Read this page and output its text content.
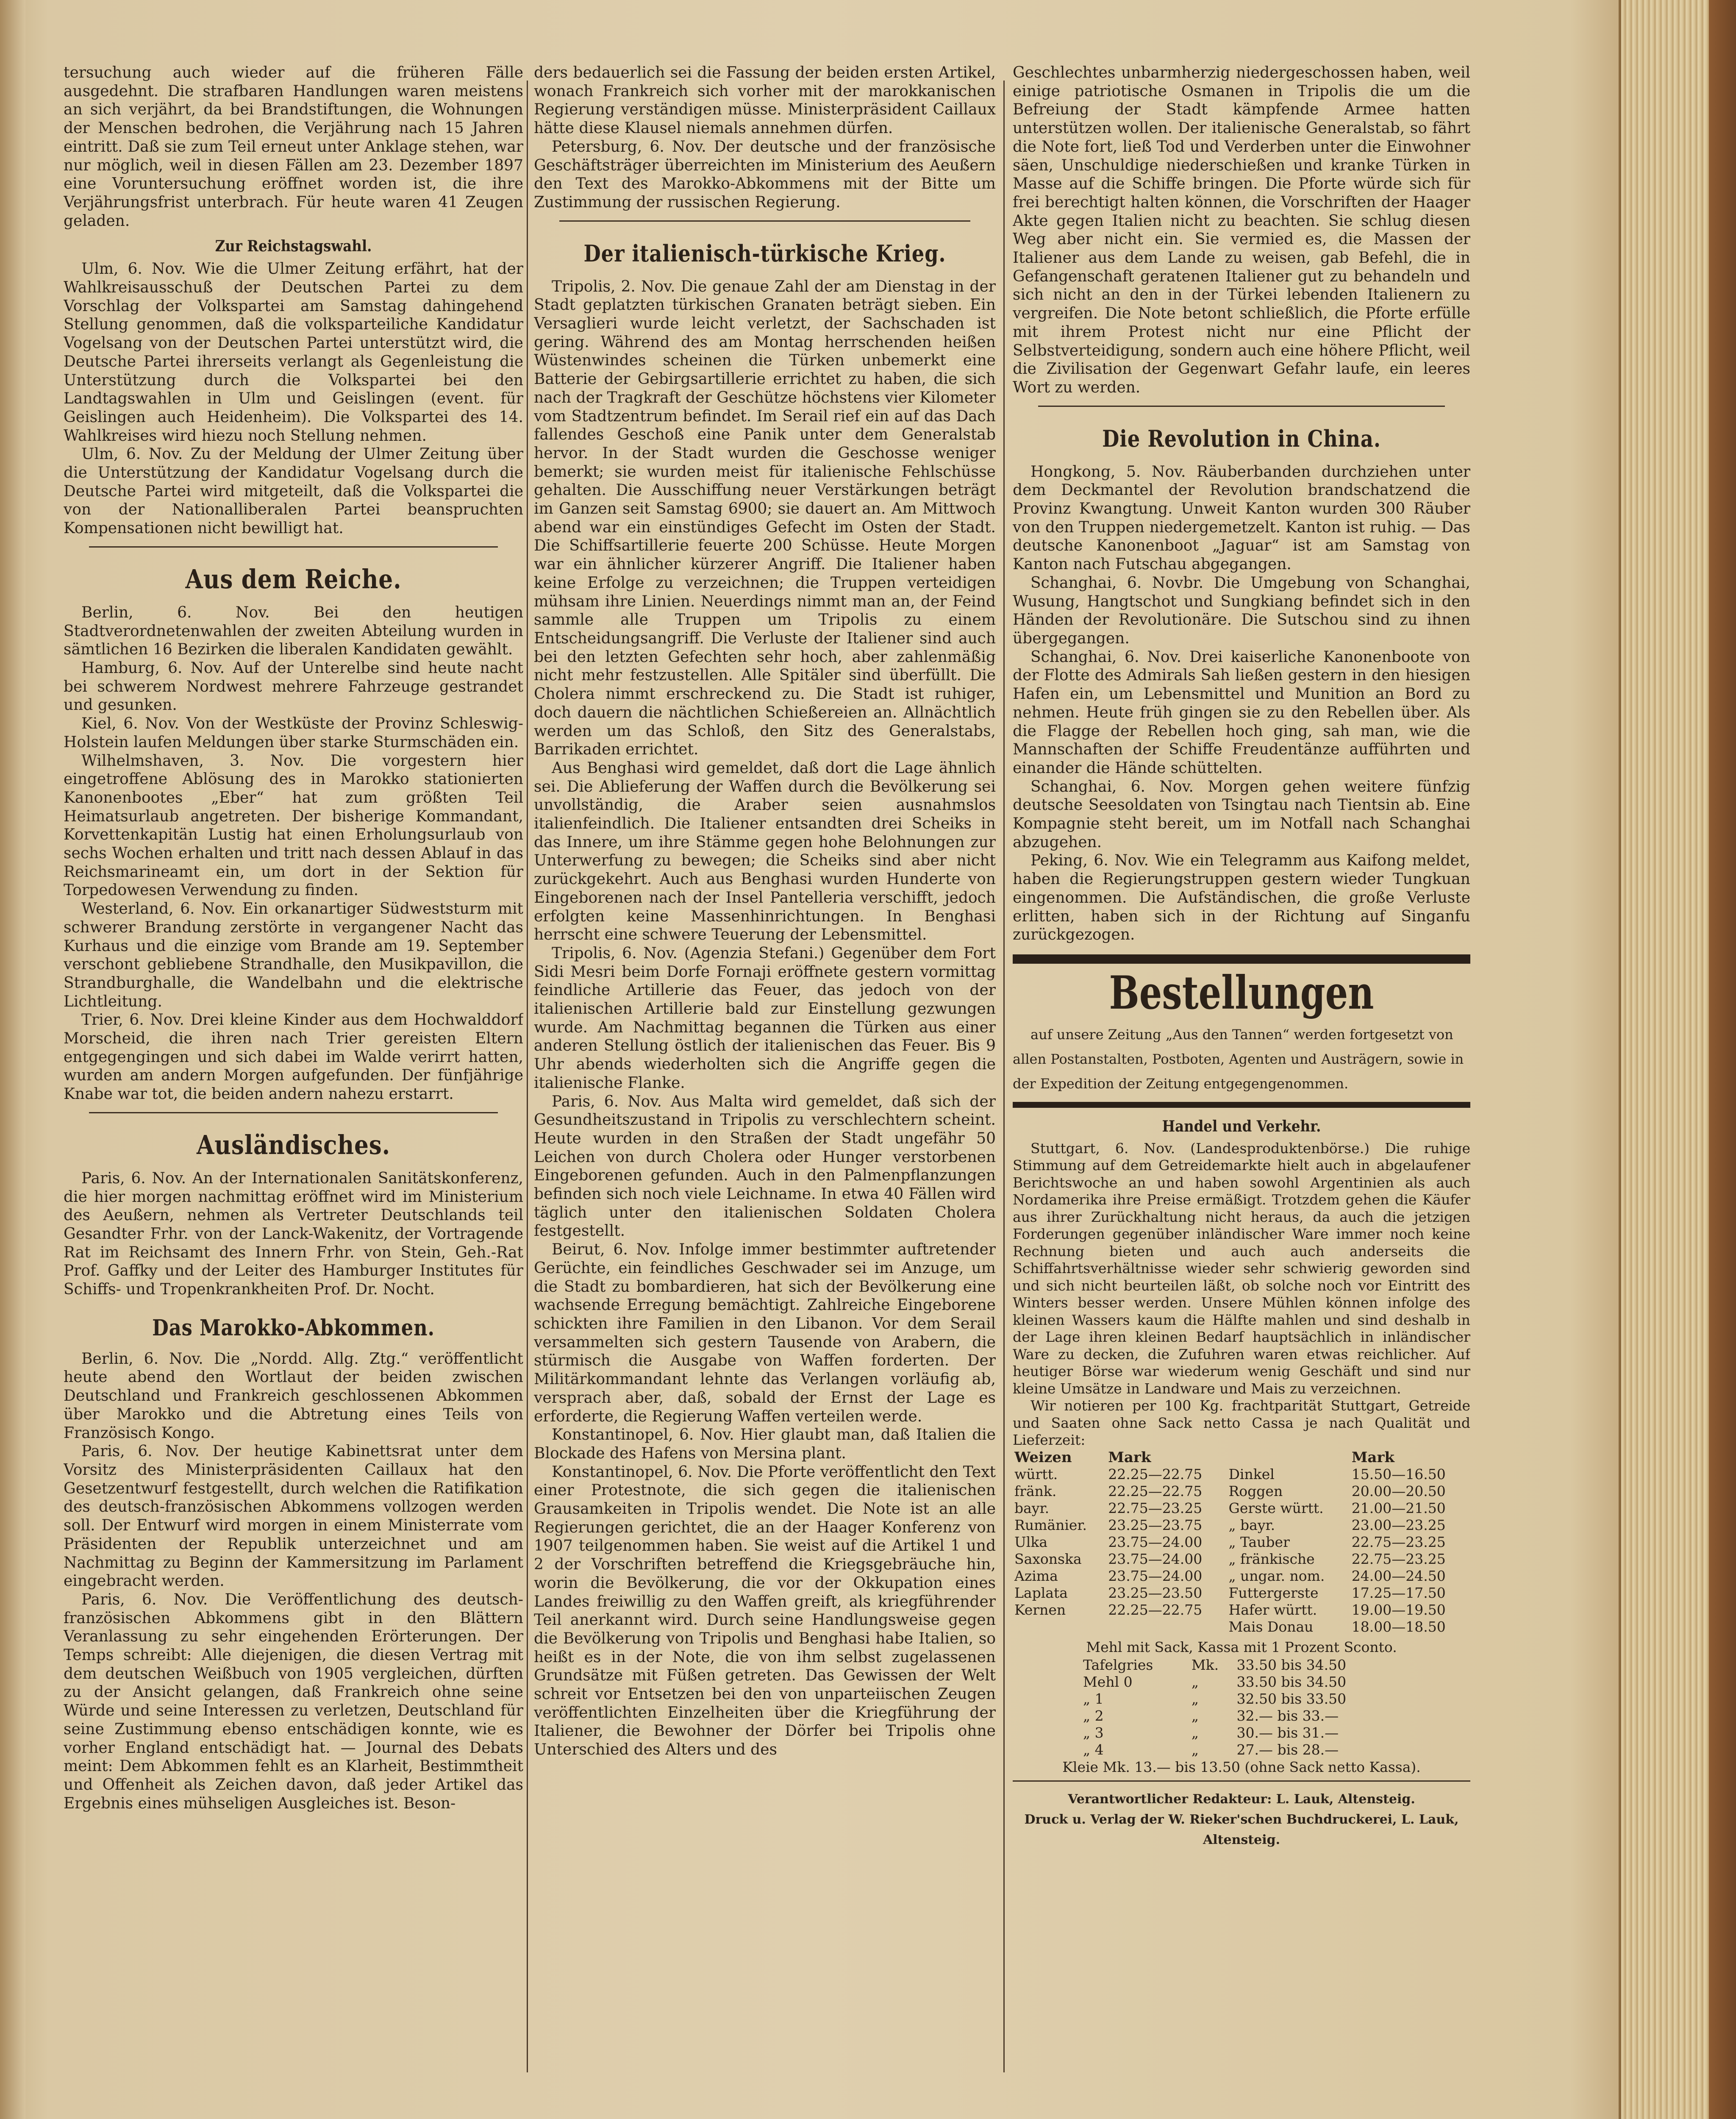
tersuchung auch wieder auf die früheren Fälle ausgedehnt. Die strafbaren Handlungen waren meistens an sich verjährt, da bei Brandstiftungen, die Wohnungen der Menschen bedrohen, die Verjährung nach 15 Jahren eintritt. Daß sie zum Teil erneut unter Anklage stehen, war nur möglich, weil in diesen Fällen am 23. Dezember 1897 eine Voruntersuchung eröffnet worden ist, die ihre Verjährungsfrist unterbrach. Für heute waren 41 Zeugen geladen.

Zur Reichstagswahl.

Ulm, 6. Nov. Wie die Ulmer Zeitung erfährt, hat der Wahlkreisausschuß der Deutschen Partei zu dem Vorschlag der Volkspartei am Samstag dahingehend Stellung genommen, daß die volksparteiliche Kandidatur Vogelsang von der Deutschen Partei unterstützt wird, die Deutsche Partei ihrerseits verlangt als Gegenleistung die Unterstützung durch die Volkspartei bei den Landtagswahlen in Ulm und Geislingen (event. für Geislingen auch Heidenheim). Die Volkspartei des 14. Wahlkreises wird hiezu noch Stellung nehmen.

Ulm, 6. Nov. Zu der Meldung der Ulmer Zeitung über die Unterstützung der Kandidatur Vogelsang durch die Deutsche Partei wird mitgeteilt, daß die Volkspartei die von der Nationalliberalen Partei beanspruchten Kompensationen nicht bewilligt hat.

Aus dem Reiche.

Berlin, 6. Nov. Bei den heutigen Stadtverordnetenwahlen der zweiten Abteilung wurden in sämtlichen 16 Bezirken die liberalen Kandidaten gewählt.

Hamburg, 6. Nov. Auf der Unterelbe sind heute nacht bei schwerem Nordwest mehrere Fahrzeuge gestrandet und gesunken.

Kiel, 6. Nov. Von der Westküste der Provinz Schleswig-Holstein laufen Meldungen über starke Sturmschäden ein.

Wilhelmshaven, 3. Nov. Die vorgestern hier eingetroffene Ablösung des in Marokko stationierten Kanonenbootes „Eber“ hat zum größten Teil Heimatsurlaub angetreten. Der bisherige Kommandant, Korvettenkapitän Lustig hat einen Erholungsurlaub von sechs Wochen erhalten und tritt nach dessen Ablauf in das Reichsmarineamt ein, um dort in der Sektion für Torpedowesen Verwendung zu finden.

Westerland, 6. Nov. Ein orkanartiger Südweststurm mit schwerer Brandung zerstörte in vergangener Nacht das Kurhaus und die einzige vom Brande am 19. September verschont gebliebene Strandhalle, den Musikpavillon, die Strandburghalle, die Wandelbahn und die elektrische Lichtleitung.

Trier, 6. Nov. Drei kleine Kinder aus dem Hochwalddorf Morscheid, die ihren nach Trier gereisten Eltern entgegengingen und sich dabei im Walde verirrt hatten, wurden am andern Morgen aufgefunden. Der fünfjährige Knabe war tot, die beiden andern nahezu erstarrt.

Ausländisches.

Paris, 6. Nov. An der Internationalen Sanitätskonferenz, die hier morgen nachmittag eröffnet wird im Ministerium des Aeußern, nehmen als Vertreter Deutschlands teil Gesandter Frhr. von der Lanck-Wakenitz, der Vortragende Rat im Reichsamt des Innern Frhr. von Stein, Geh.-Rat Prof. Gaffky und der Leiter des Hamburger Institutes für Schiffs- und Tropenkrankheiten Prof. Dr. Nocht.

Das Marokko-Abkommen.

Berlin, 6. Nov. Die „Nordd. Allg. Ztg.“ veröffentlicht heute abend den Wortlaut der beiden zwischen Deutschland und Frankreich geschlossenen Abkommen über Marokko und die Abtretung eines Teils von Französisch Kongo.

Paris, 6. Nov. Der heutige Kabinettsrat unter dem Vorsitz des Ministerpräsidenten Caillaux hat den Gesetzentwurf festgestellt, durch welchen die Ratifikation des deutsch-französischen Abkommens vollzogen werden soll. Der Entwurf wird morgen in einem Ministerrate vom Präsidenten der Republik unterzeichnet und am Nachmittag zu Beginn der Kammersitzung im Parlament eingebracht werden.

Paris, 6. Nov. Die Veröffentlichung des deutsch-französischen Abkommens gibt in den Blättern Veranlassung zu sehr eingehenden Erörterungen. Der Temps schreibt: Alle diejenigen, die diesen Vertrag mit dem deutschen Weißbuch von 1905 vergleichen, dürften zu der Ansicht gelangen, daß Frankreich ohne seine Würde und seine Interessen zu verletzen, Deutschland für seine Zustimmung ebenso entschädigen konnte, wie es vorher England entschädigt hat. — Journal des Debats meint: Dem Abkommen fehlt es an Klarheit, Bestimmtheit und Offenheit als Zeichen davon, daß jeder Artikel das Ergebnis eines mühseligen Ausgleiches ist. Beson-

ders bedauerlich sei die Fassung der beiden ersten Artikel, wonach Frankreich sich vorher mit der marokkanischen Regierung verständigen müsse. Ministerpräsident Caillaux hätte diese Klausel niemals annehmen dürfen.

Petersburg, 6. Nov. Der deutsche und der französische Geschäftsträger überreichten im Ministerium des Aeußern den Text des Marokko-Abkommens mit der Bitte um Zustimmung der russischen Regierung.

Der italienisch-türkische Krieg.

Tripolis, 2. Nov. Die genaue Zahl der am Dienstag in der Stadt geplatzten türkischen Granaten beträgt sieben. Ein Versaglieri wurde leicht verletzt, der Sachschaden ist gering. Während des am Montag herrschenden heißen Wüstenwindes scheinen die Türken unbemerkt eine Batterie der Gebirgsartillerie errichtet zu haben, die sich nach der Tragkraft der Geschütze höchstens vier Kilometer vom Stadtzentrum befindet. Im Serail rief ein auf das Dach fallendes Geschoß eine Panik unter dem Generalstab hervor. In der Stadt wurden die Geschosse weniger bemerkt; sie wurden meist für italienische Fehlschüsse gehalten. Die Ausschiffung neuer Verstärkungen beträgt im Ganzen seit Samstag 6900; sie dauert an. Am Mittwoch abend war ein einstündiges Gefecht im Osten der Stadt. Die Schiffsartillerie feuerte 200 Schüsse. Heute Morgen war ein ähnlicher kürzerer Angriff. Die Italiener haben keine Erfolge zu verzeichnen; die Truppen verteidigen mühsam ihre Linien. Neuerdings nimmt man an, der Feind sammle alle Truppen um Tripolis zu einem Entscheidungsangriff. Die Verluste der Italiener sind auch bei den letzten Gefechten sehr hoch, aber zahlenmäßig nicht mehr festzustellen. Alle Spitäler sind überfüllt. Die Cholera nimmt erschreckend zu. Die Stadt ist ruhiger, doch dauern die nächtlichen Schießereien an. Allnächtlich werden um das Schloß, den Sitz des Generalstabs, Barrikaden errichtet.

Aus Benghasi wird gemeldet, daß dort die Lage ähnlich sei. Die Ablieferung der Waffen durch die Bevölkerung sei unvollständig, die Araber seien ausnahmslos italienfeindlich. Die Italiener entsandten drei Scheiks in das Innere, um ihre Stämme gegen hohe Belohnungen zur Unterwerfung zu bewegen; die Scheiks sind aber nicht zurückgekehrt. Auch aus Benghasi wurden Hunderte von Eingeborenen nach der Insel Pantelleria verschifft, jedoch erfolgten keine Massenhinrichtungen. In Benghasi herrscht eine schwere Teuerung der Lebensmittel.

Tripolis, 6. Nov. (Agenzia Stefani.) Gegenüber dem Fort Sidi Mesri beim Dorfe Fornaji eröffnete gestern vormittag feindliche Artillerie das Feuer, das jedoch von der italienischen Artillerie bald zur Einstellung gezwungen wurde. Am Nachmittag begannen die Türken aus einer anderen Stellung östlich der italienischen das Feuer. Bis 9 Uhr abends wiederholten sich die Angriffe gegen die italienische Flanke.

Paris, 6. Nov. Aus Malta wird gemeldet, daß sich der Gesundheitszustand in Tripolis zu verschlechtern scheint. Heute wurden in den Straßen der Stadt ungefähr 50 Leichen von durch Cholera oder Hunger verstorbenen Eingeborenen gefunden. Auch in den Palmenpflanzungen befinden sich noch viele Leichname. In etwa 40 Fällen wird täglich unter den italienischen Soldaten Cholera festgestellt.

Beirut, 6. Nov. Infolge immer bestimmter auftretender Gerüchte, ein feindliches Geschwader sei im Anzuge, um die Stadt zu bombardieren, hat sich der Bevölkerung eine wachsende Erregung bemächtigt. Zahlreiche Eingeborene schickten ihre Familien in den Libanon. Vor dem Serail versammelten sich gestern Tausende von Arabern, die stürmisch die Ausgabe von Waffen forderten. Der Militärkommandant lehnte das Verlangen vorläufig ab, versprach aber, daß, sobald der Ernst der Lage es erforderte, die Regierung Waffen verteilen werde.

Konstantinopel, 6. Nov. Hier glaubt man, daß Italien die Blockade des Hafens von Mersina plant.

Konstantinopel, 6. Nov. Die Pforte veröffentlicht den Text einer Protestnote, die sich gegen die italienischen Grausamkeiten in Tripolis wendet. Die Note ist an alle Regierungen gerichtet, die an der Haager Konferenz von 1907 teilgenommen haben. Sie weist auf die Artikel 1 und 2 der Vorschriften betreffend die Kriegsgebräuche hin, worin die Bevölkerung, die vor der Okkupation eines Landes freiwillig zu den Waffen greift, als kriegführender Teil anerkannt wird. Durch seine Handlungsweise gegen die Bevölkerung von Tripolis und Benghasi habe Italien, so heißt es in der Note, die von ihm selbst zugelassenen Grundsätze mit Füßen getreten. Das Gewissen der Welt schreit vor Entsetzen bei den von unparteiischen Zeugen veröffentlichten Einzelheiten über die Kriegführung der Italiener, die Bewohner der Dörfer bei Tripolis ohne Unterschied des Alters und des

Geschlechtes unbarmherzig niedergeschossen haben, weil einige patriotische Osmanen in Tripolis die um die Befreiung der Stadt kämpfende Armee hatten unterstützen wollen. Der italienische Generalstab, so fährt die Note fort, ließ Tod und Verderben unter die Einwohner säen, Unschuldige niederschießen und kranke Türken in Masse auf die Schiffe bringen. Die Pforte würde sich für frei berechtigt halten können, die Vorschriften der Haager Akte gegen Italien nicht zu beachten. Sie schlug diesen Weg aber nicht ein. Sie vermied es, die Massen der Italiener aus dem Lande zu weisen, gab Befehl, die in Gefangenschaft geratenen Italiener gut zu behandeln und sich nicht an den in der Türkei lebenden Italienern zu vergreifen. Die Note betont schließlich, die Pforte erfülle mit ihrem Protest nicht nur eine Pflicht der Selbstverteidigung, sondern auch eine höhere Pflicht, weil die Zivilisation der Gegenwart Gefahr laufe, ein leeres Wort zu werden.

Die Revolution in China.

Hongkong, 5. Nov. Räuberbanden durchziehen unter dem Deckmantel der Revolution brandschatzend die Provinz Kwangtung. Unweit Kanton wurden 300 Räuber von den Truppen niedergemetzelt. Kanton ist ruhig. — Das deutsche Kanonenboot „Jaguar“ ist am Samstag von Kanton nach Futschau abgegangen.

Schanghai, 6. Novbr. Die Umgebung von Schanghai, Wusung, Hangtschot und Sungkiang befindet sich in den Händen der Revolutionäre. Die Sutschou sind zu ihnen übergegangen.

Schanghai, 6. Nov. Drei kaiserliche Kanonenboote von der Flotte des Admirals Sah ließen gestern in den hiesigen Hafen ein, um Lebensmittel und Munition an Bord zu nehmen. Heute früh gingen sie zu den Rebellen über. Als die Flagge der Rebellen hoch ging, sah man, wie die Mannschaften der Schiffe Freudentänze aufführten und einander die Hände schüttelten.

Schanghai, 6. Nov. Morgen gehen weitere fünfzig deutsche Seesoldaten von Tsingtau nach Tientsin ab. Eine Kompagnie steht bereit, um im Notfall nach Schanghai abzugehen.

Peking, 6. Nov. Wie ein Telegramm aus Kaifong meldet, haben die Regierungstruppen gestern wieder Tungkuan eingenommen. Die Aufständischen, die große Verluste erlitten, haben sich in der Richtung auf Singanfu zurückgezogen.

Bestellungen

auf unsere Zeitung „Aus den Tannen“ werden fortgesetzt von allen Postanstalten, Postboten, Agenten und Austrägern, sowie in der Expedition der Zeitung entgegengenommen.

Handel und Verkehr.

Stuttgart, 6. Nov. (Landesproduktenbörse.) Die ruhige Stimmung auf dem Getreidemarkte hielt auch in abgelaufener Berichtswoche an und haben sowohl Argentinien als auch Nordamerika ihre Preise ermäßigt. Trotzdem gehen die Käufer aus ihrer Zurückhaltung nicht heraus, da auch die jetzigen Forderungen gegenüber inländischer Ware immer noch keine Rechnung bieten und auch auch anderseits die Schiffahrtsverhältnisse wieder sehr schwierig geworden sind und sich nicht beurteilen läßt, ob solche noch vor Eintritt des Winters besser werden. Unsere Mühlen können infolge des kleinen Wassers kaum die Hälfte mahlen und sind deshalb in der Lage ihren kleinen Bedarf hauptsächlich in inländischer Ware zu decken, die Zufuhren waren etwas reichlicher. Auf heutiger Börse war wiederum wenig Geschäft und sind nur kleine Umsätze in Landware und Mais zu verzeichnen.

Wir notieren per 100 Kg. frachtparität Stuttgart, Getreide und Saaten ohne Sack netto Cassa je nach Qualität und Lieferzeit:

Weizen	Mark		Mark
württ.	22.25—22.75	Dinkel	15.50—16.50
fränk.	22.25—22.75	Roggen	20.00—20.50
bayr.	22.75—23.25	Gerste württ.	21.00—21.50
Rumänier.	23.25—23.75	„ bayr.	23.00—23.25
Ulka	23.75—24.00	„ Tauber	22.75—23.25
Saxonska	23.75—24.00	„ fränkische	22.75—23.25
Azima	23.75—24.00	„ ungar. nom.	24.00—24.50
Laplata	23.25—23.50	Futtergerste	17.25—17.50
Kernen	22.25—22.75	Hafer württ.	19.00—19.50
		Mais Donau	18.00—18.50

Mehl mit Sack, Kassa mit 1 Prozent Sconto.

Tafelgries	Mk.	33.50 bis 34.50
Mehl 0	„	33.50 bis 34.50
„ 1	„	32.50 bis 33.50
„ 2	„	32.— bis 33.—
„ 3	„	30.— bis 31.—
„ 4	„	27.— bis 28.—

Kleie Mk. 13.— bis 13.50 (ohne Sack netto Kassa).

Verantwortlicher Redakteur: L. Lauk, Altensteig.
Druck u. Verlag der W. Rieker'schen Buchdruckerei, L. Lauk, Altensteig.
